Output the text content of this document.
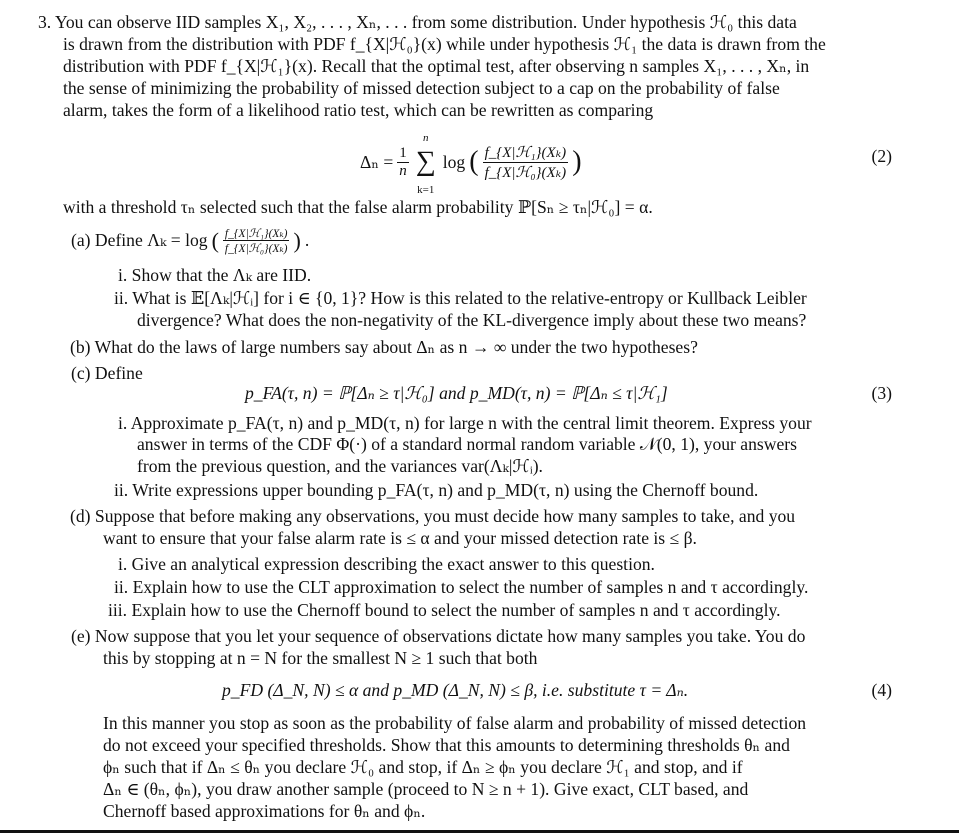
3. You can observe IID samples X₁, X₂, . . . , Xₙ, . . . from some distribution. Under hypothesis ℋ₀ this data
is drawn from the distribution with PDF f_{X|ℋ₀}(x) while under hypothesis ℋ₁ the data is drawn from the
distribution with PDF f_{X|ℋ₁}(x). Recall that the optimal test, after observing n samples X₁, . . . , Xₙ, in
the sense of minimizing the probability of missed detection subject to a cap on the probability of false
alarm, takes the form of a likelihood ratio test, which can be rewritten as comparing
$\Delta_n = \frac{1}{n}$
n
∑
k=1
log ( $\frac{\text{f\_\{X|ℋ₁\}(Xₖ)}}{\text{f\_\{X|ℋ₀\}(Xₖ)}}$ )	(2)
with a threshold τₙ selected such that the false alarm probability ℙ[Sₙ ≥ τₙ|ℋ₀] = α.
(a) Define Λₖ = log ( $\frac{\text{f\_\{X|ℋ₁\}(Xₖ)}}{\text{f\_\{X|ℋ₀\}(Xₖ)}}$ ) .
i. Show that the Λₖ are IID.
ii. What is 𝔼[Λₖ|ℋᵢ] for i ∈ {0, 1}? How is this related to the relative-entropy or Kullback Leibler
divergence? What does the non-negativity of the KL-divergence imply about these two means?
(b) What do the laws of large numbers say about Δₙ as n → ∞ under the two hypotheses?
(c) Define
p_FA(τ, n) = ℙ[Δₙ ≥ τ|ℋ₀] and p_MD(τ, n) = ℙ[Δₙ ≤ τ|ℋ₁]	(3)
i. Approximate p_FA(τ, n) and p_MD(τ, n) for large n with the central limit theorem. Express your
answer in terms of the CDF Φ(·) of a standard normal random variable 𝒩(0, 1), your answers
from the previous question, and the variances var(Λₖ|ℋᵢ).
ii. Write expressions upper bounding p_FA(τ, n) and p_MD(τ, n) using the Chernoff bound.
(d) Suppose that before making any observations, you must decide how many samples to take, and you
want to ensure that your false alarm rate is ≤ α and your missed detection rate is ≤ β.
i. Give an analytical expression describing the exact answer to this question.
ii. Explain how to use the CLT approximation to select the number of samples n and τ accordingly.
iii. Explain how to use the Chernoff bound to select the number of samples n and τ accordingly.
(e) Now suppose that you let your sequence of observations dictate how many samples you take. You do
this by stopping at n = N for the smallest N ≥ 1 such that both
p_FD (Δ_N, N) ≤ α and p_MD (Δ_N, N) ≤ β, i.e. substitute τ = Δₙ.	(4)
In this manner you stop as soon as the probability of false alarm and probability of missed detection
do not exceed your specified thresholds. Show that this amounts to determining thresholds θₙ and
ϕₙ such that if Δₙ ≤ θₙ you declare ℋ₀ and stop, if Δₙ ≥ ϕₙ you declare ℋ₁ and stop, and if
Δₙ ∈ (θₙ, ϕₙ), you draw another sample (proceed to N ≥ n + 1). Give exact, CLT based, and
Chernoff based approximations for θₙ and ϕₙ.
